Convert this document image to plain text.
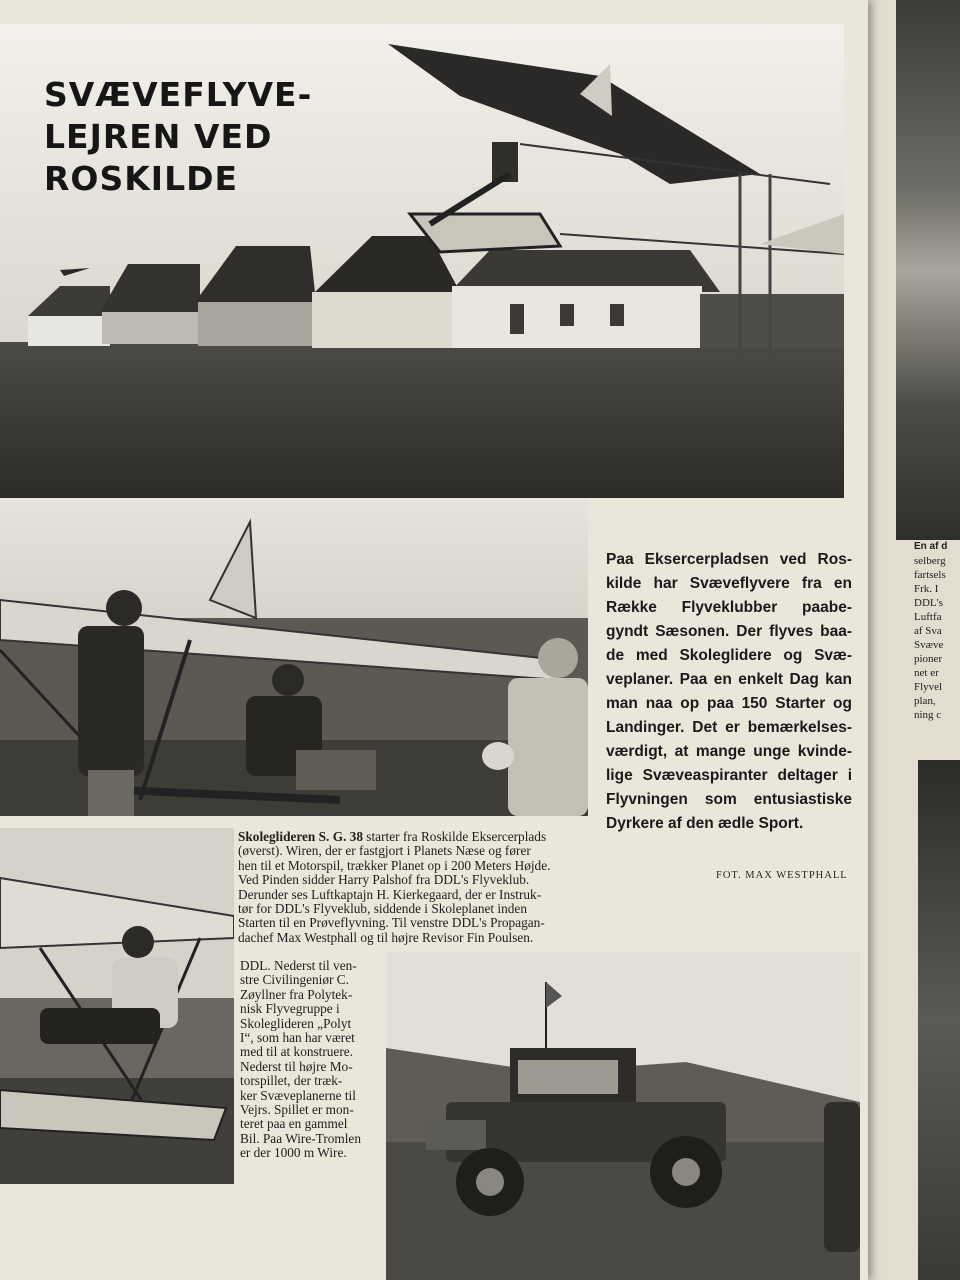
En af d
selberg
fartsels
Frk. I
DDL's
Luftfa
af Sva
Svæve
pioner
net er
Flyvel
plan,
ning c
SVÆVEFLYVE-
LEJREN VED
ROSKILDE
Paa Eksercerpladsen ved Ros-
kilde har Svæveflyvere fra en
Række Flyveklubber paabe-
gyndt Sæsonen. Der flyves baa-
de med Skoleglidere og Svæ-
veplaner. Paa en enkelt Dag kan
man naa op paa 150 Starter og
Landinger. Det er bemærkelses-
værdigt, at mange unge kvinde-
lige Svæveaspiranter deltager i
Flyvningen som entusiastiske
Dyrkere af den ædle Sport.
FOT. MAX WESTPHALL
Skoleglideren S. G. 38 starter fra Roskilde Eksercerplads
(øverst). Wiren, der er fastgjort i Planets Næse og fører
hen til et Motorspil, trækker Planet op i 200 Meters Højde.
Ved Pinden sidder Harry Palshof fra DDL's Flyveklub.
Derunder ses Luftkaptajn H. Kierkegaard, der er Instruk-
tør for DDL's Flyveklub, siddende i Skoleplanet inden
Starten til en Prøveflyvning. Til venstre DDL's Propagan-
dachef Max Westphall og til højre Revisor Fin Poulsen.
DDL. Nederst til ven-
stre Civilingeniør C.
Zøyllner fra Polytek-
nisk Flyvegruppe i
Skoleglideren „Polyt
I“, som han har været
med til at konstruere.
Nederst til højre Mo-
torspillet, der træk-
ker Svæveplanerne til
Vejrs. Spillet er mon-
teret paa en gammel
Bil. Paa Wire-Tromlen
er der 1000 m Wire.
